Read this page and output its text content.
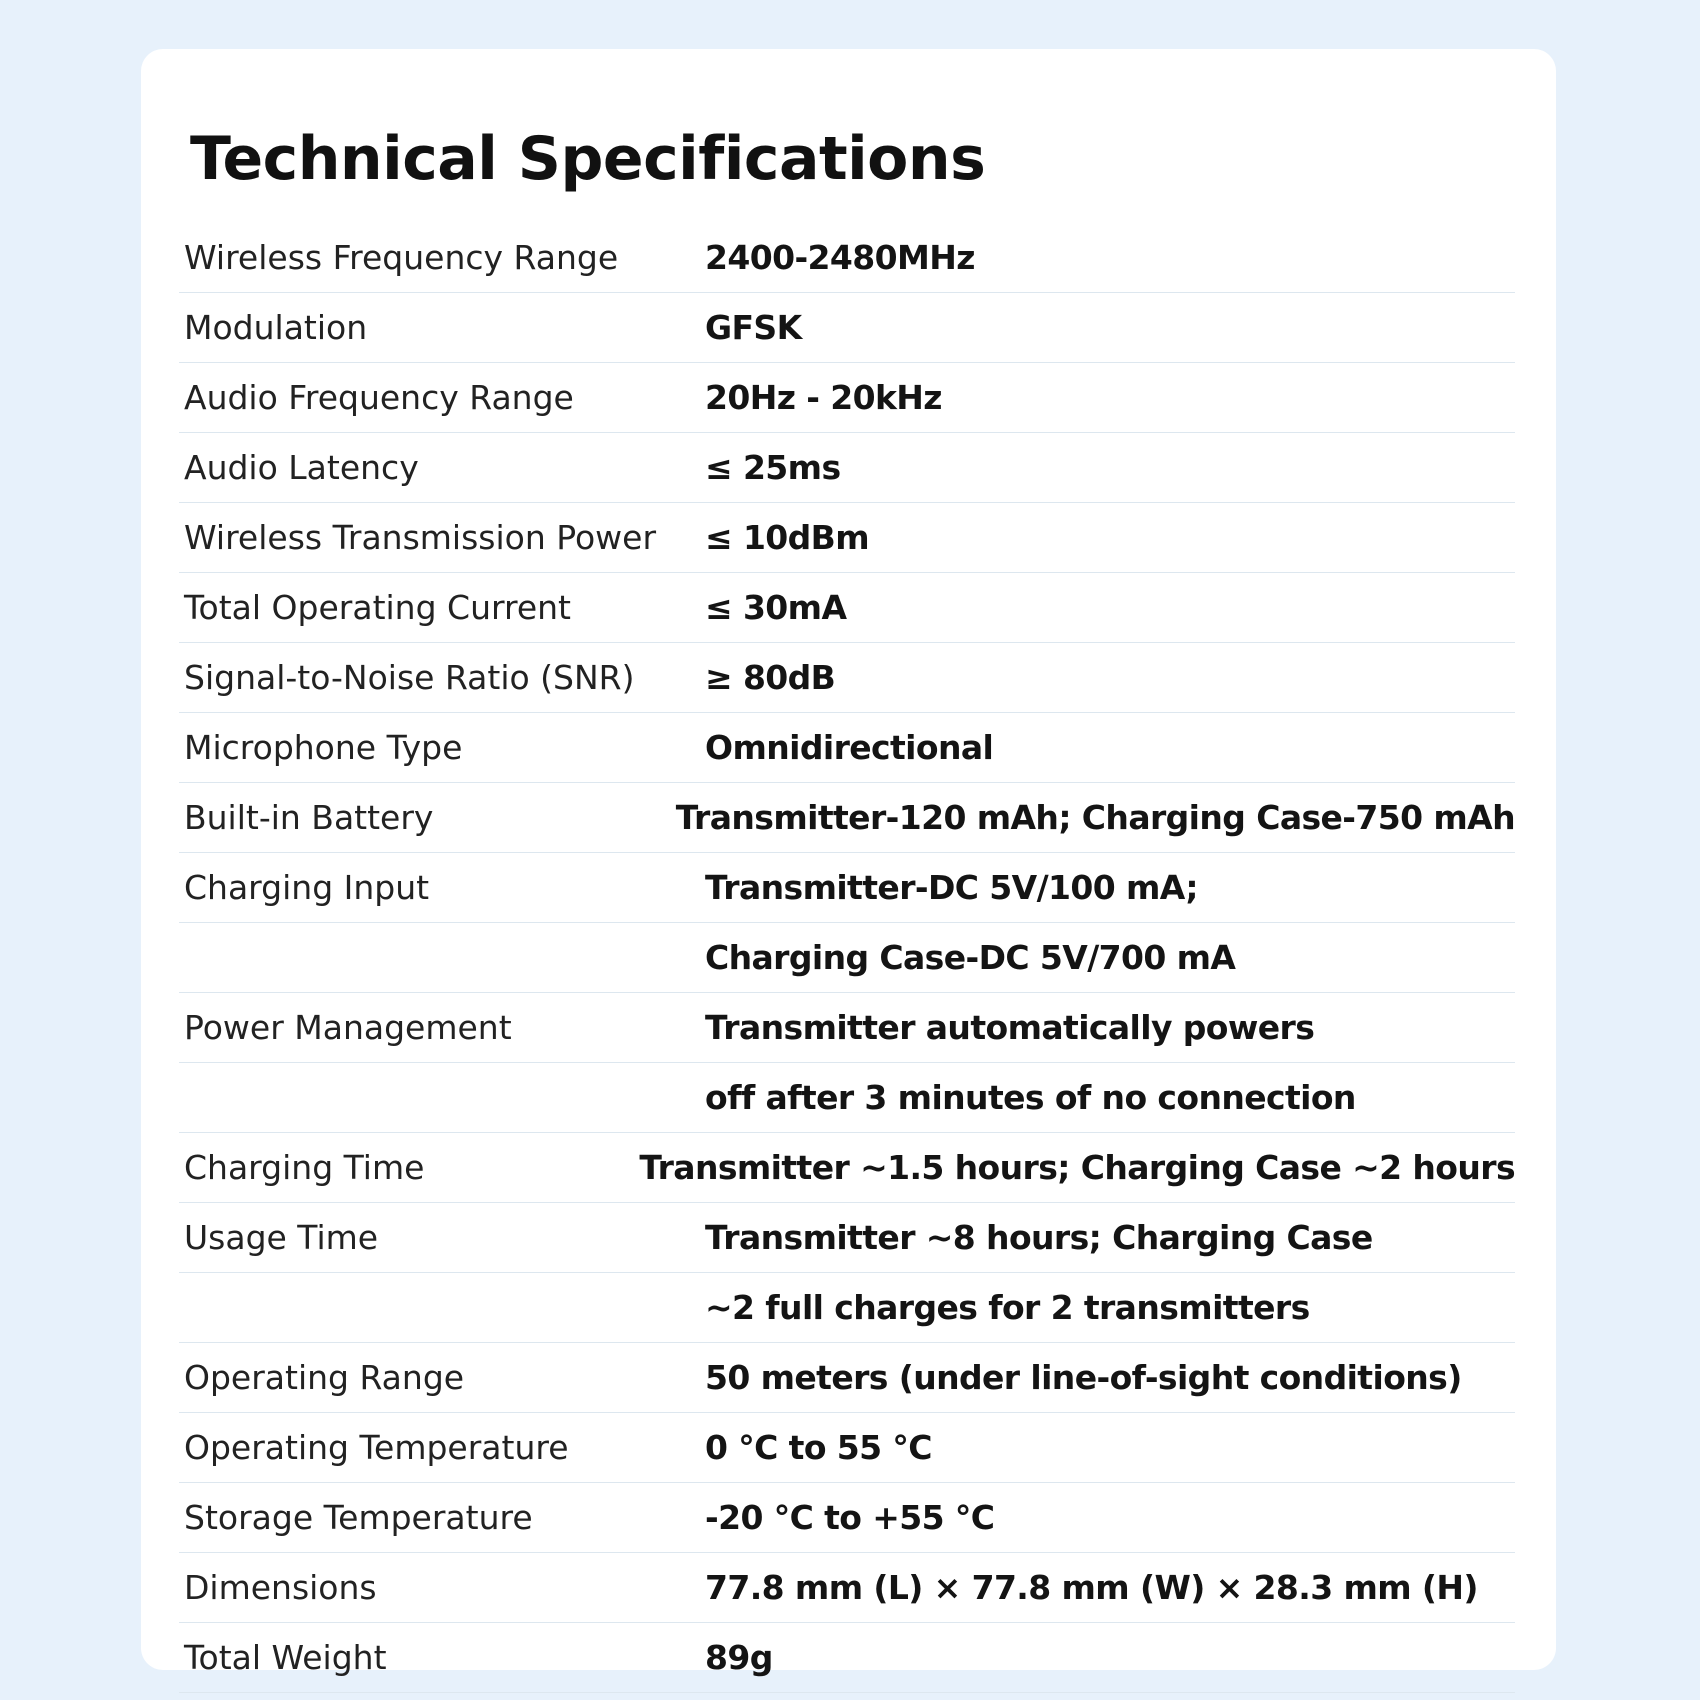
Technical Specifications
Wireless Frequency Range	2400-2480MHz
Modulation	GFSK
Audio Frequency Range	20Hz - 20kHz
Audio Latency	≤ 25ms
Wireless Transmission Power	≤ 10dBm
Total Operating Current	≤ 30mA
Signal-to-Noise Ratio (SNR)	≥ 80dB
Microphone Type	Omnidirectional
Built-in Battery	Transmitter-120 mAh; Charging Case-750 mAh
Charging Input	Transmitter-DC 5V/100 mA;
Charging Case-DC 5V/700 mA
Power Management	Transmitter automatically powers
off after 3 minutes of no connection
Charging Time	Transmitter ~1.5 hours; Charging Case ~2 hours
Usage Time	Transmitter ~8 hours; Charging Case
~2 full charges for 2 transmitters
Operating Range	50 meters (under line-of-sight conditions)
Operating Temperature	0 °C to 55 °C
Storage Temperature	-20 °C to +55 °C
Dimensions	77.8 mm (L) × 77.8 mm (W) × 28.3 mm (H)
Total Weight	89g
